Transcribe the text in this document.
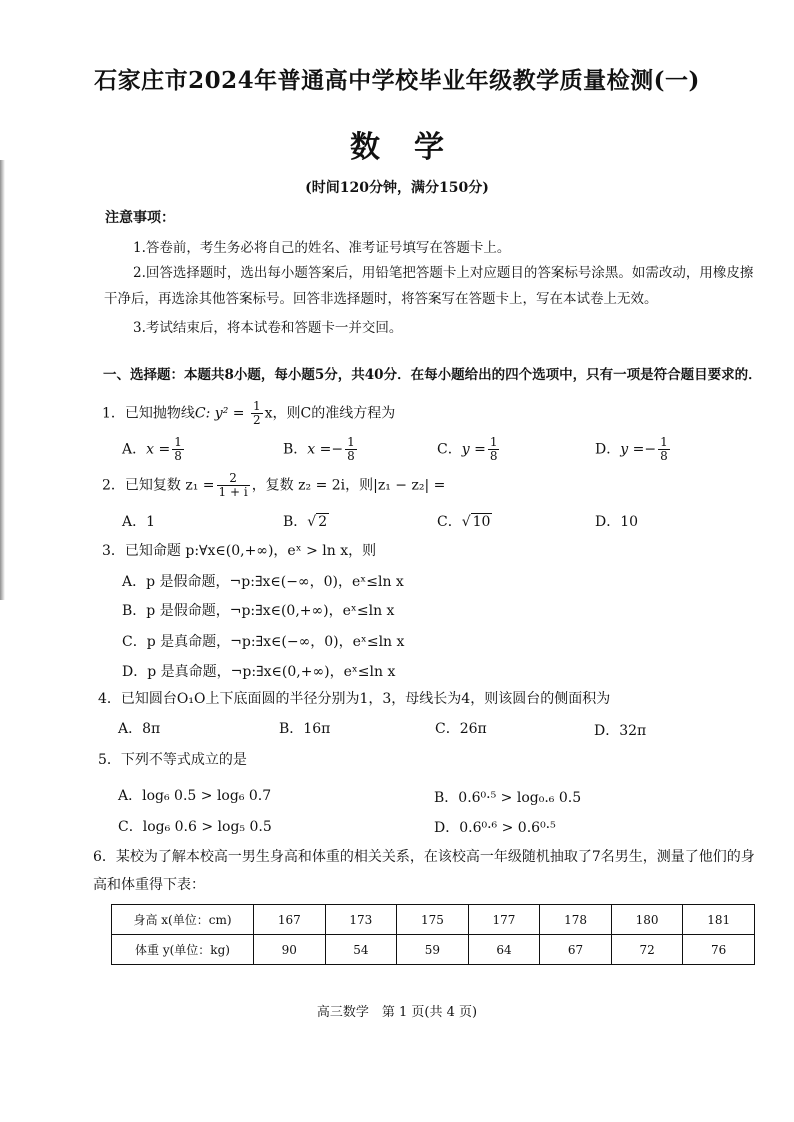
石家庄市2024年普通高中学校毕业年级教学质量检测(一)
数学
(时间120分钟，满分150分)
注意事项：
1.答卷前，考生务必将自己的姓名、准考证号填写在答题卡上。
2.回答选择题时，选出每小题答案后，用铅笔把答题卡上对应题目的答案标号涂黑。如需改动，用橡皮擦
干净后，再选涂其他答案标号。回答非选择题时，将答案写在答题卡上，写在本试卷上无效。
3.考试结束后，将本试卷和答题卡一并交回。
一、选择题：本题共8小题，每小题5分，共40分．在每小题给出的四个选项中，只有一项是符合题目要求的．
1．已知抛物线C: $y^2 = \frac{1}{2}$ x，则C的准线方程为
A．$x = \frac{1}{8}$	B．$x =- \frac{1}{8}$	C．$y = \frac{1}{8}$	D．$y =- \frac{1}{8}$
2．已知复数 $z_1 = \frac{2}{1 + i}$ ，复数 z₂ = 2i，则|z₁ − z₂| =
A．1	B．√ 2	C．√ 10	D．10
3．已知命题 p:∀x∈(0,+∞)，eˣ > ln x，则
A．p 是假命题，¬p:∃x∈(−∞，0)，eˣ≤ln x
B．p 是假命题，¬p:∃x∈(0,+∞)，eˣ≤ln x
C．p 是真命题，¬p:∃x∈(−∞，0)，eˣ≤ln x
D．p 是真命题，¬p:∃x∈(0,+∞)，eˣ≤ln x
4．已知圆台O₁O上下底面圆的半径分别为1，3，母线长为4，则该圆台的侧面积为
A．8π	B．16π	C．26π	D．32π
5．下列不等式成立的是
A．log₆ 0.5 > log₆ 0.7	B．0.6⁰·⁵ > log₀.₆ 0.5
C．log₆ 0.6 > log₅ 0.5	D．0.6⁰·⁶ > 0.6⁰·⁵
6．某校为了解本校高一男生身高和体重的相关关系，在该校高一年级随机抽取了7名男生，测量了他们的身
高和体重得下表：
身高 x(单位：cm)	167	173	175	177	178	180	181
体重 y(单位：kg)	90	54	59	64	67	72	76
高三数学　第 1 页(共 4 页)
